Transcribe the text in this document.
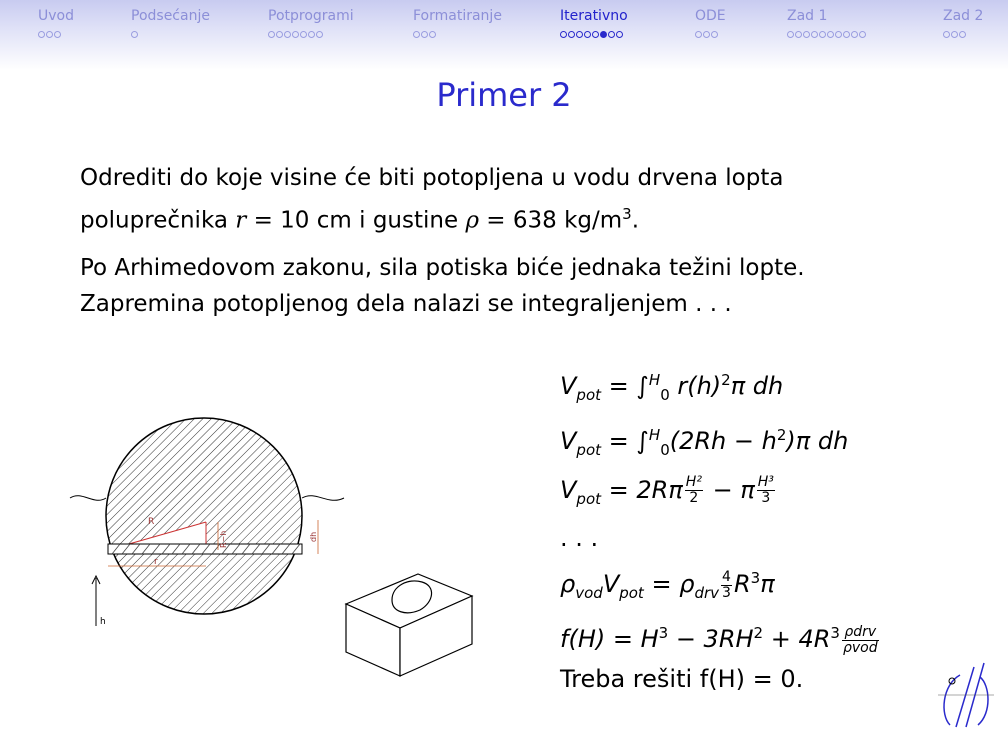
Uvod	Podsećanje	Potprogrami	Formatiranje	Iterativno	ODE	Zad 1	Zad 2
Primer 2
Odrediti do koje visine će biti potopljena u vodu drvena lopta
poluprečnika r = 10 cm i gustine ρ = 638 $kg/m^3$.
Po Arhimedovom zakonu, sila potiska biće jednaka težini lopte.
Zapremina potopljenog dela nalazi se integraljenjem . . .
R
r
R−h	dh
h
$V_{pot} = \int^H_0$ $r(h)^2\pi$ dh
$V_{pot} = \int^H_0(2Rh - h^2)\pi$ dh
$V_{pot} = 2R\pi \frac{\text{H²}}{2} - \pi \frac{\text{H³}}{3}$
. . .
$\rho_{vod}V_{pot} = \rho_{drv} \frac{4}{3} R^3\pi$
$f(H) = H^3 - 3RH^2 + 4R^3 \frac{\text{ρdrv}}{\text{ρvod}}$
Treba rešiti f(H) = 0.
